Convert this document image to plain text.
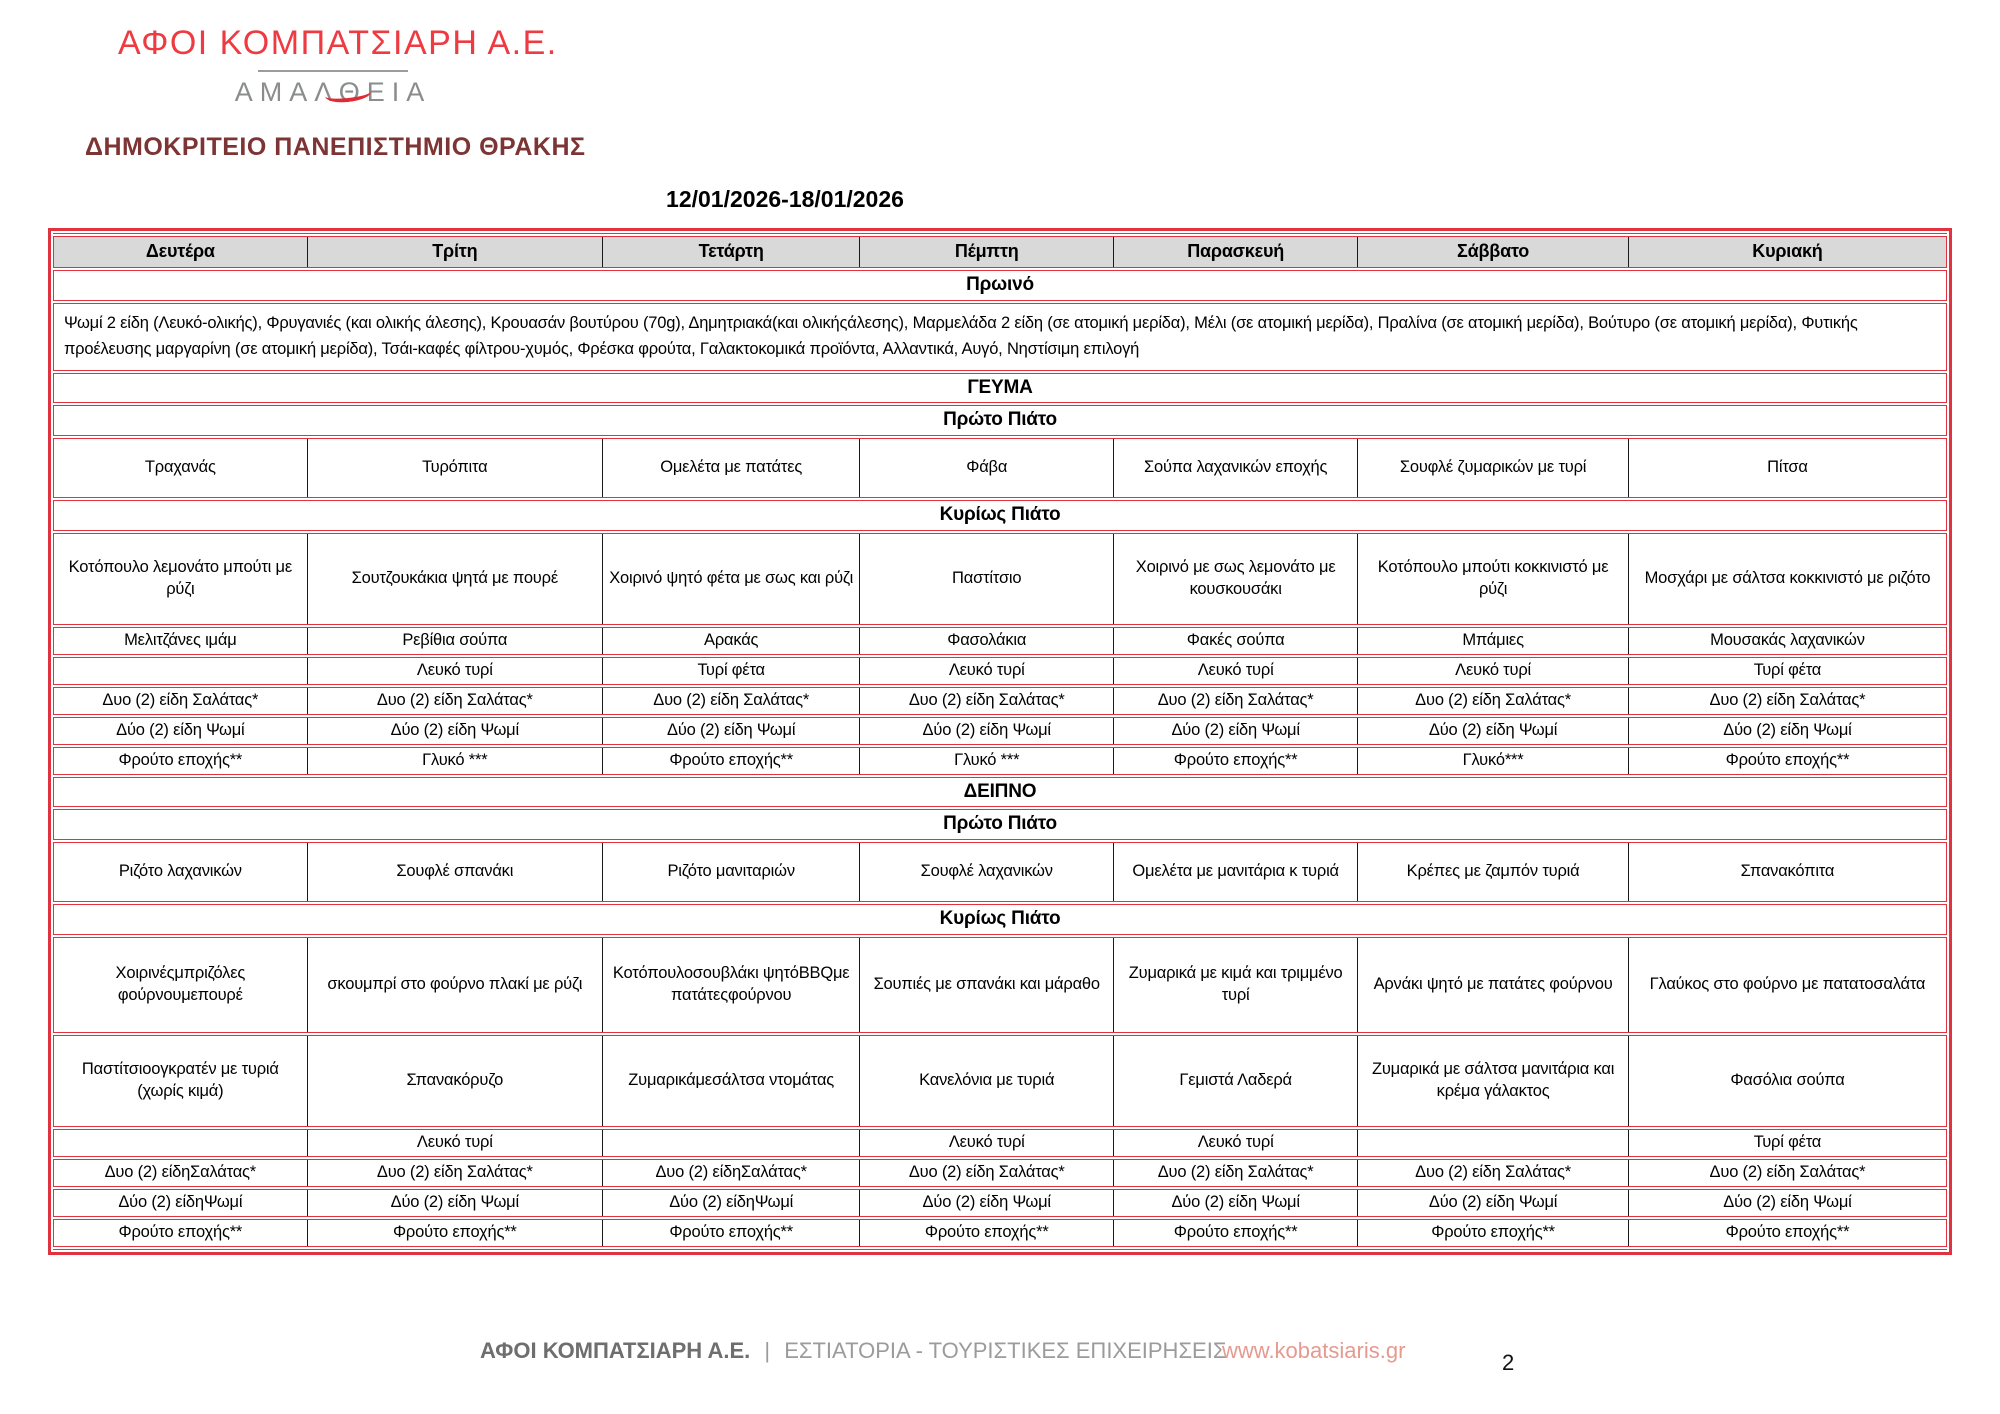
ΑΦΟΙ ΚΟΜΠΑΤΣΙΑΡΗ Α.Ε.
ΑΜΑΛΘΕΙΑ
ΔΗΜΟΚΡΙΤΕΙΟ ΠΑΝΕΠΙΣΤΗΜΙΟ ΘΡΑΚΗΣ
12/01/2026-18/01/2026
Δευτέρα	Τρίτη	Τετάρτη	Πέμπτη	Παρασκευή	Σάββατο	Κυριακή
Πρωινό						
Ψωμί 2 είδη (Λευκό-ολικής), Φρυγανιές (και ολικής άλεσης), Κρουασάν βουτύρου (70g), Δημητριακά(και ολικήςάλεσης), Μαρμελάδα 2 είδη (σε ατομική μερίδα), Μέλι (σε ατομική μερίδα), Πραλίνα (σε ατομική μερίδα), Βούτυρο (σε ατομική μερίδα), Φυτικής προέλευσης μαργαρίνη (σε ατομική μερίδα), Τσάι-καφές φίλτρου-χυμός, Φρέσκα φρούτα, Γαλακτοκομικά προϊόντα, Αλλαντικά, Αυγό, Νηστίσιμη επιλογή						
ΓΕΥΜΑ						
Πρώτο Πιάτο						
Τραχανάς	Τυρόπιτα	Ομελέτα με πατάτες	Φάβα	Σούπα λαχανικών εποχής	Σουφλέ ζυμαρικών με τυρί	Πίτσα
Κυρίως Πιάτο						
Κοτόπουλο λεμονάτο μπούτι με ρύζι	Σουτζουκάκια ψητά με πουρέ	Χοιρινό ψητό φέτα με σως και ρύζι	Παστίτσιο	Χοιρινό με σως λεμονάτο με κουσκουσάκι	Κοτόπουλο μπούτι κοκκινιστό με ρύζι	Μοσχάρι με σάλτσα κοκκινιστό με ριζότο
Μελιτζάνες ιμάμ	Ρεβίθια σούπα	Αρακάς	Φασολάκια	Φακές σούπα	Μπάμιες	Μουσακάς λαχανικών
	Λευκό τυρί	Τυρί φέτα	Λευκό τυρί	Λευκό τυρί	Λευκό τυρί	Τυρί φέτα
Δυο (2) είδη Σαλάτας*	Δυο (2) είδη Σαλάτας*	Δυο (2) είδη Σαλάτας*	Δυο (2) είδη Σαλάτας*	Δυο (2) είδη Σαλάτας*	Δυο (2) είδη Σαλάτας*	Δυο (2) είδη Σαλάτας*
Δύο (2) είδη Ψωμί	Δύο (2) είδη Ψωμί	Δύο (2) είδη Ψωμί	Δύο (2) είδη Ψωμί	Δύο (2) είδη Ψωμί	Δύο (2) είδη Ψωμί	Δύο (2) είδη Ψωμί
Φρούτο εποχής**	Γλυκό ***	Φρούτο εποχής**	Γλυκό ***	Φρούτο εποχής**	Γλυκό***	Φρούτο εποχής**
ΔΕΙΠΝΟ						
Πρώτο Πιάτο						
Ριζότο λαχανικών	Σουφλέ σπανάκι	Ριζότο μανιταριών	Σουφλέ λαχανικών	Ομελέτα με μανιτάρια κ τυριά	Κρέπες με ζαμπόν τυριά	Σπανακόπιτα
Κυρίως Πιάτο						
Χοιρινέςμπριζόλες φούρνουμεπουρέ	σκουμπρί στο φούρνο πλακί με ρύζι	Κοτόπουλοσουβλάκι ψητόBBQμε πατάτεςφούρνου	Σουπιές με σπανάκι και μάραθο	Ζυμαρικά με κιμά και τριμμένο τυρί	Αρνάκι ψητό με πατάτες φούρνου	Γλαύκος στο φούρνο με πατατοσαλάτα
Παστίτσιοογκρατέν με τυριά (χωρίς κιμά)	Σπανακόρυζο	Ζυμαρικάμεσάλτσα ντομάτας	Κανελόνια με τυριά	Γεμιστά Λαδερά	Ζυμαρικά με σάλτσα μανιτάρια και κρέμα γάλακτος	Φασόλια σούπα
	Λευκό τυρί		Λευκό τυρί	Λευκό τυρί		Τυρί φέτα
Δυο (2) είδηΣαλάτας*	Δυο (2) είδη Σαλάτας*	Δυο (2) είδηΣαλάτας*	Δυο (2) είδη Σαλάτας*	Δυο (2) είδη Σαλάτας*	Δυο (2) είδη Σαλάτας*	Δυο (2) είδη Σαλάτας*
Δύο (2) είδηΨωμί	Δύο (2) είδη Ψωμί	Δύο (2) είδηΨωμί	Δύο (2) είδη Ψωμί	Δύο (2) είδη Ψωμί	Δύο (2) είδη Ψωμί	Δύο (2) είδη Ψωμί
Φρούτο εποχής**	Φρούτο εποχής**	Φρούτο εποχής**	Φρούτο εποχής**	Φρούτο εποχής**	Φρούτο εποχής**	Φρούτο εποχής**
ΑΦΟΙ ΚΟΜΠΑΤΣΙΑΡΗ Α.Ε. | ΕΣΤΙΑΤΟΡΙΑ - ΤΟΥΡΙΣΤΙΚΕΣ ΕΠΙΧΕΙΡΗΣΕΙΣ
www.kobatsiaris.gr	2
